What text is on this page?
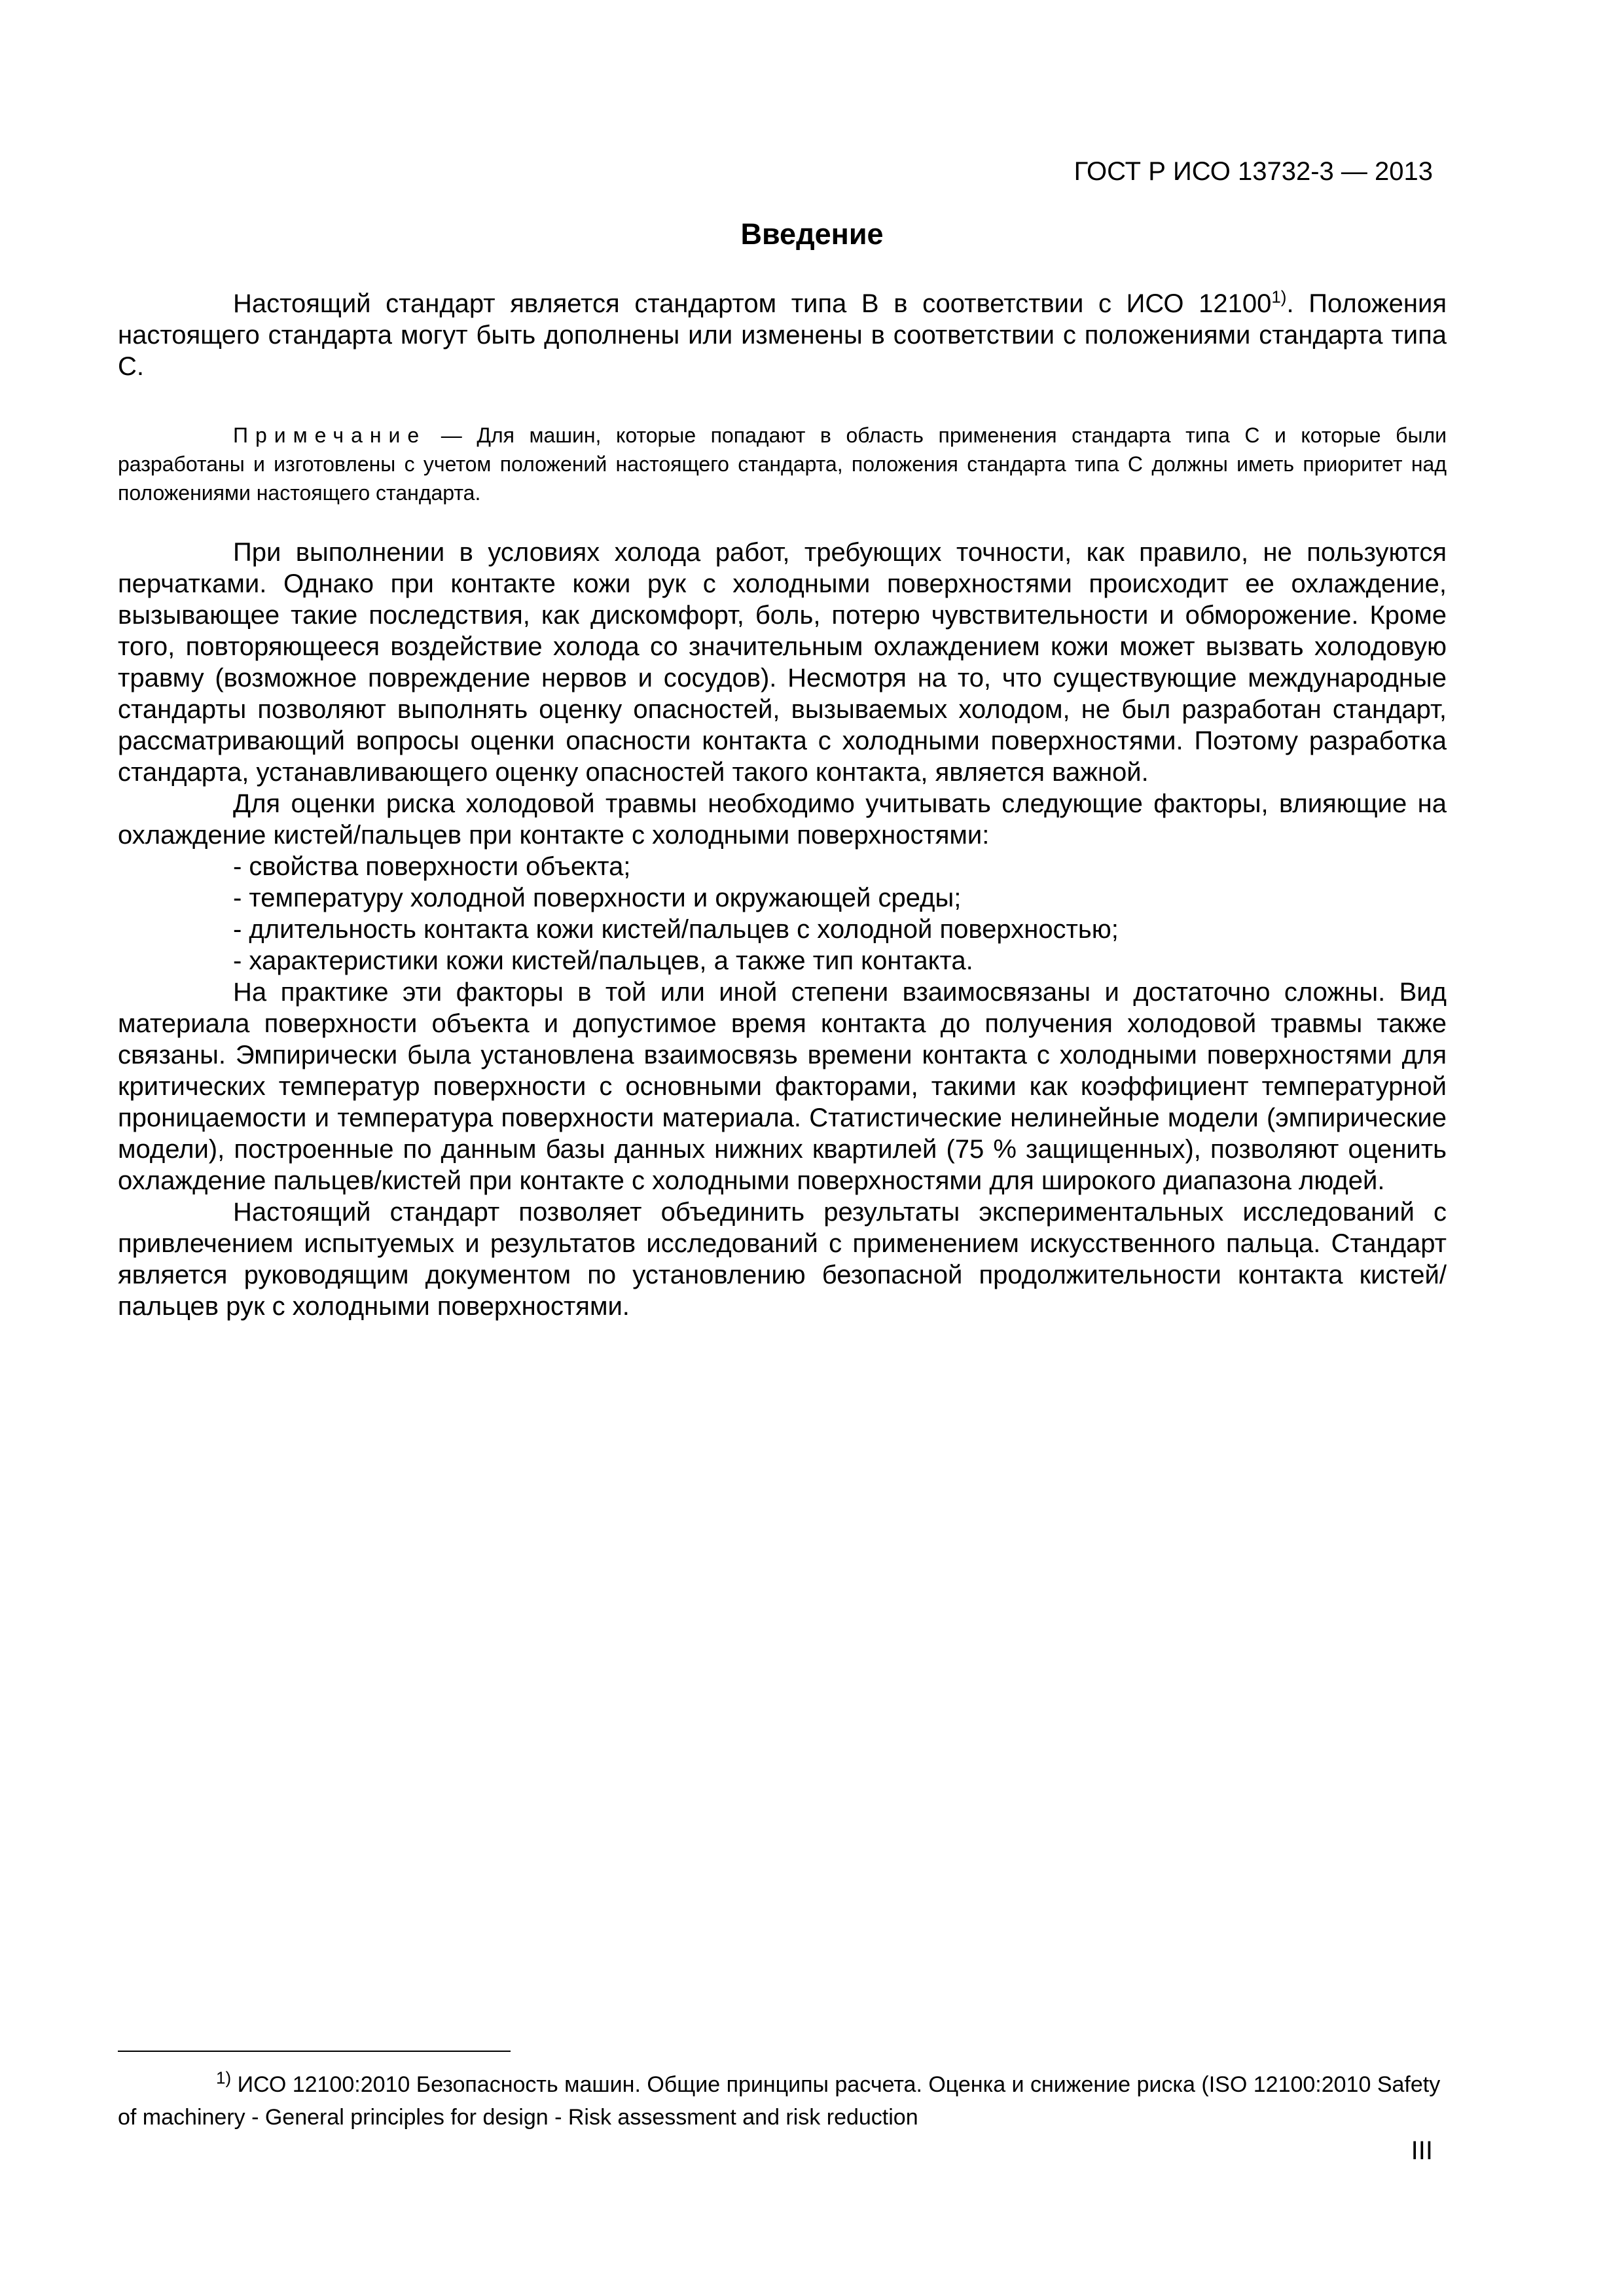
ГОСТ Р ИСО 13732-3 — 2013
Введение

Настоящий стандарт является стандартом типа В в соответствии с ИСО 12100$^{1)}$. Положения настоящего стандарта могут быть дополнены или изменены в соответствии с положениями стандарта типа С.

Примечание — Для машин, которые попадают в область применения стандарта типа С и которые были разработаны и изготовлены с учетом положений настоящего стандарта, положения стандарта типа С должны иметь приоритет над положениями настоящего стандарта.

При выполнении в условиях холода работ, требующих точности, как правило, не пользуются перчатками. Однако при контакте кожи рук с холодными поверхностями происходит ее охлаждение, вызывающее такие последствия, как дискомфорт, боль, потерю чувствительности и обморожение. Кроме того, повторяющееся воздействие холода со значительным охлаждением кожи может вызвать холодовую травму (возможное повреждение нервов и сосудов). Несмотря на то, что существующие международные стандарты позволяют выполнять оценку опасностей, вызываемых холодом, не был разработан стандарт, рассматривающий вопросы оценки опасности контакта с холодными поверхностями. Поэтому разработка стандарта, устанавливающего оценку опасностей такого контакта, является важной.

Для оценки риска холодовой травмы необходимо учитывать следующие факторы, влияющие на охлаждение кистей/пальцев при контакте с холодными поверхностями:

- свойства поверхности объекта;
- температуру холодной поверхности и окружающей среды;
- длительность контакта кожи кистей/пальцев с холодной поверхностью;
- характеристики кожи кистей/пальцев, а также тип контакта.

На практике эти факторы в той или иной степени взаимосвязаны и достаточно сложны. Вид материала поверхности объекта и допустимое время контакта до получения холодовой травмы также связаны. Эмпирически была установлена взаимосвязь времени контакта с холодными поверхностями для критических температур поверхности с основными факторами, такими как коэффициент температурной проницаемости и температура поверхности материала. Статистические нелинейные модели (эмпирические модели), построенные по данным базы данных нижних квартилей (75 % защищенных), позволяют оценить охлаждение пальцев/кистей при контакте с холодными поверхностями для широкого диапазона людей.

Настоящий стандарт позволяет объединить результаты экспериментальных исследований с привлечением испытуемых и результатов исследований с применением искусственного пальца. Стандарт является руководящим документом по установлению безопасной продолжительности контакта кистей/пальцев рук с холодными поверхностями.

$^{1)}$ ИСО 12100:2010 Безопасность машин. Общие принципы расчета. Оценка и снижение риска (ISO 12100:2010 Safety of machinery - General principles for design - Risk assessment and risk reduction
III
